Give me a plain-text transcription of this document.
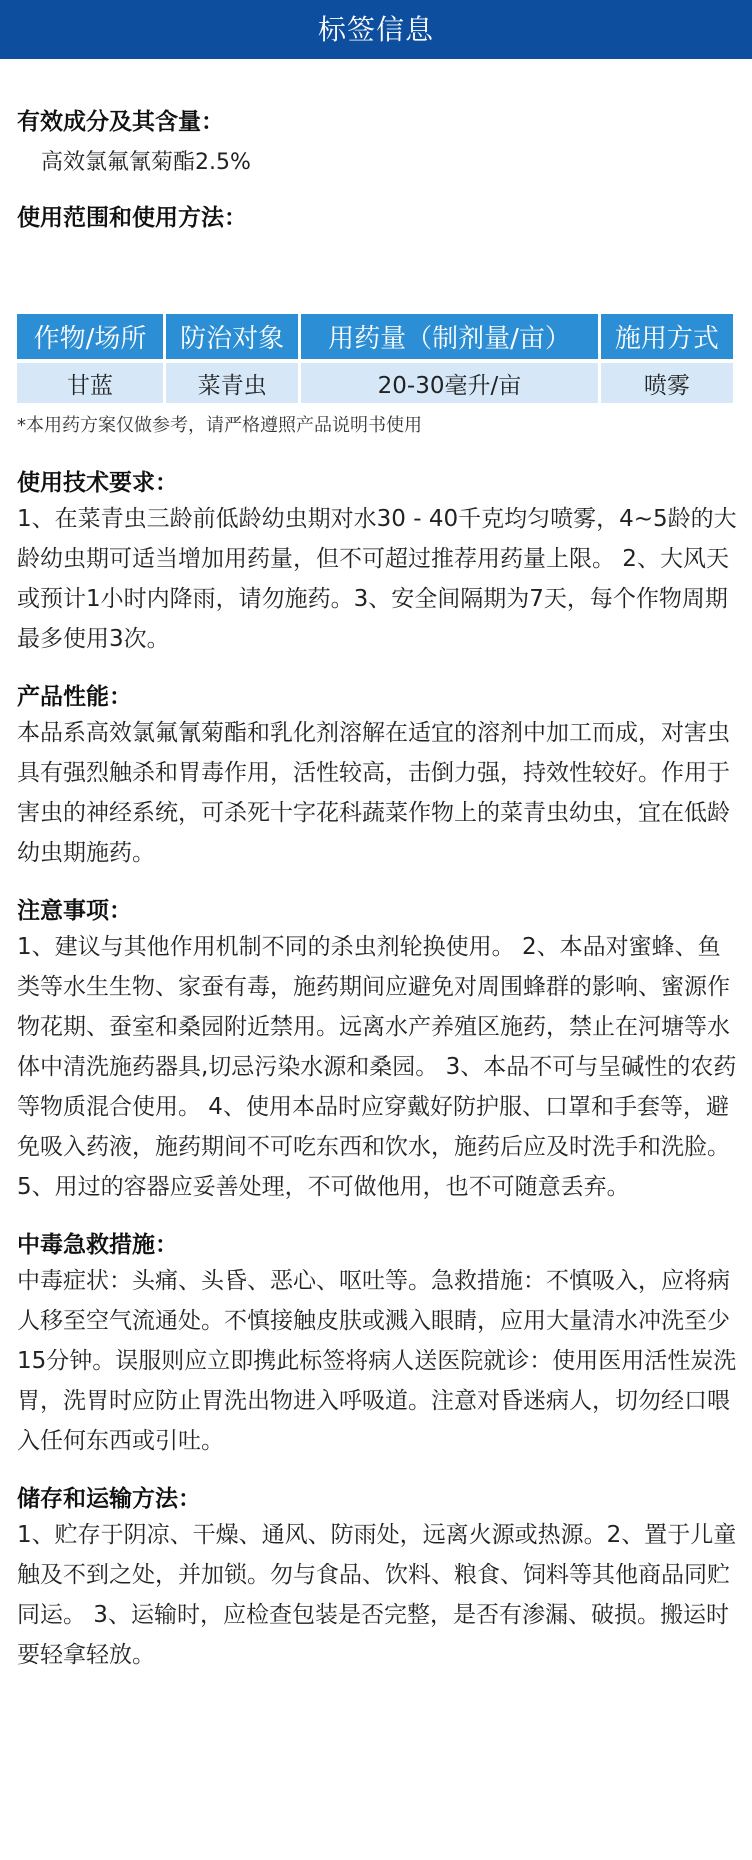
标签信息
有效成分及其含量：
高效氯氟氰菊酯2.5%
使用范围和使用方法：
作物/场所	防治对象	用药量（制剂量/亩）	施用方式
甘蓝	菜青虫	20-30毫升/亩	喷雾
*本用药方案仅做参考，请严格遵照产品说明书使用
使用技术要求：
1、在菜青虫三龄前低龄幼虫期对水30 - 40千克均匀喷雾，4~5龄的大龄幼虫期可适当增加用药量，但不可超过推荐用药量上限。 2、大风天或预计1小时内降雨，请勿施药。3、安全间隔期为7天，每个作物周期最多使用3次。
产品性能：
本品系高效氯氟氰菊酯和乳化剂溶解在适宜的溶剂中加工而成，对害虫具有强烈触杀和胃毒作用，活性较高，击倒力强，持效性较好。作用于害虫的神经系统，可杀死十字花科蔬菜作物上的菜青虫幼虫，宜在低龄幼虫期施药。
注意事项：
1、建议与其他作用机制不同的杀虫剂轮换使用。 2、本品对蜜蜂、鱼类等水生生物、家蚕有毒，施药期间应避免对周围蜂群的影响、蜜源作物花期、蚕室和桑园附近禁用。远离水产养殖区施药，禁止在河塘等水体中清洗施药器具,切忌污染水源和桑园。 3、本品不可与呈碱性的农药等物质混合使用。 4、使用本品时应穿戴好防护服、口罩和手套等，避免吸入药液，施药期间不可吃东西和饮水，施药后应及时洗手和洗脸。 5、用过的容器应妥善处理，不可做他用，也不可随意丢弃。
中毒急救措施：
中毒症状：头痛、头昏、恶心、呕吐等。急救措施：不慎吸入，应将病人移至空气流通处。不慎接触皮肤或溅入眼睛，应用大量清水冲洗至少15分钟。误服则应立即携此标签将病人送医院就诊：使用医用活性炭洗胃，洗胃时应防止胃洗出物进入呼吸道。注意对昏迷病人，切勿经口喂入任何东西或引吐。
储存和运输方法：
1、贮存于阴凉、干燥、通风、防雨处，远离火源或热源。2、置于儿童触及不到之处，并加锁。勿与食品、饮料、粮食、饲料等其他商品同贮同运。 3、运输时，应检查包装是否完整，是否有渗漏、破损。搬运时要轻拿轻放。
